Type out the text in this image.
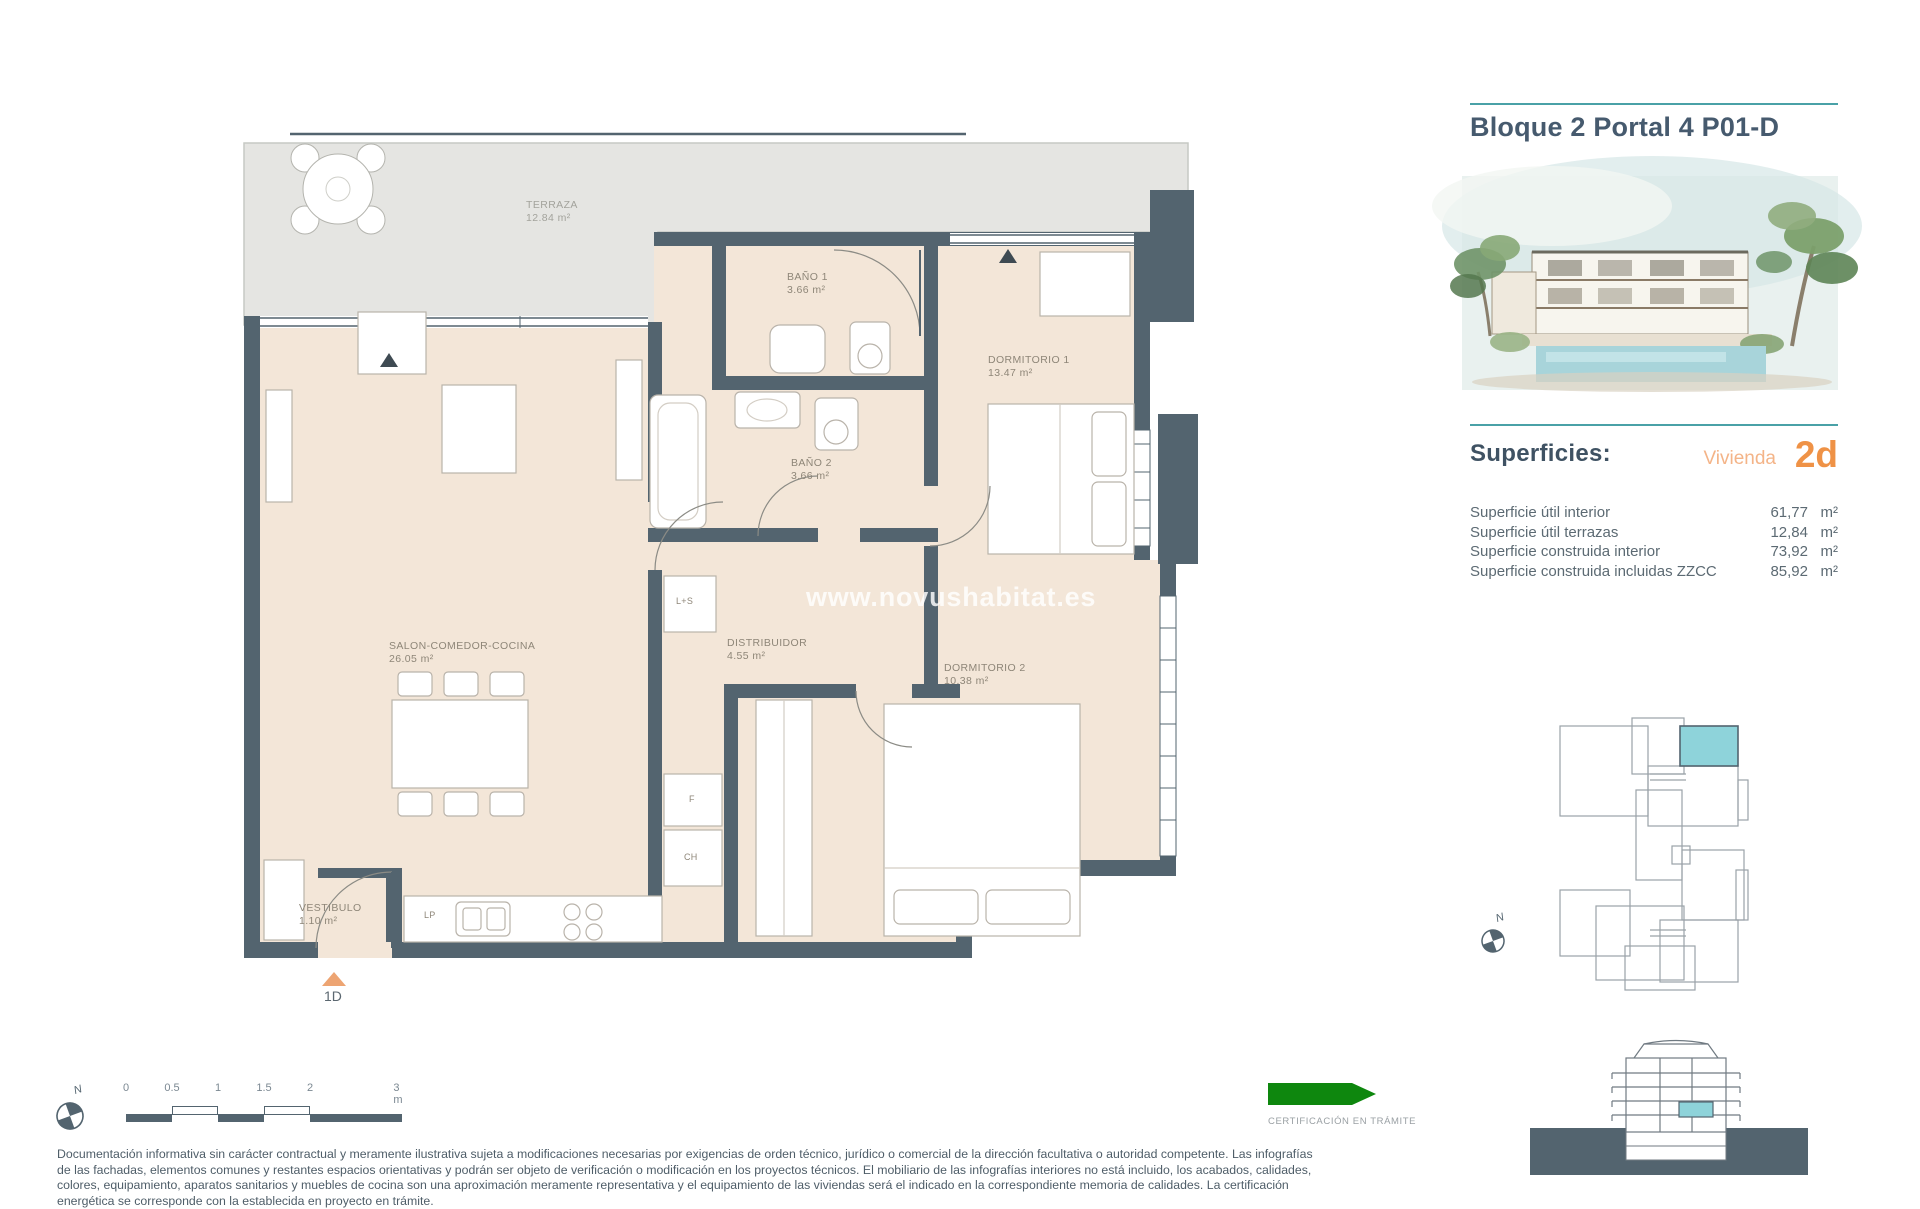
TERRAZA
12.84 m²
BAÑO 1
3.66 m²
DORMITORIO 1
13.47 m²
BAÑO 2
3.66 m²
SALON-COMEDOR-COCINA
26.05 m²
DISTRIBUIDOR
4.55 m²
DORMITORIO 2
10.38 m²
VESTIBULO
1.10 m²	LP
L+S
F
CH
www.novushabitat.es
1D
Bloque 2 Portal 4 P01-D
Superficies:	Vivienda 2d
Superficie útil interior	61,77 m²
Superficie útil terrazas	12,84 m²
Superficie construida interior	73,92 m²
Superficie construida incluidas ZZCC	85,92 m²
N
N	0	0.5	1	1.5	2	3 m
CERTIFICACIÓN EN TRÁMITE
Documentación informativa sin carácter contractual y meramente ilustrativa sujeta a modificaciones necesarias por exigencias de orden técnico, jurídico o comercial de la dirección facultativa o autoridad competente. Las infografías
de las fachadas, elementos comunes y restantes espacios orientativas y podrán ser objeto de verificación o modificación en los proyectos técnicos. El mobiliario de las infografías interiores no está incluido, los acabados, calidades,
colores, equipamiento, aparatos sanitarios y muebles de cocina son una aproximación meramente representativa y el equipamiento de las viviendas será el indicado en la correspondiente memoria de calidades. La certificación
energética se corresponde con la establecida en proyecto en trámite.
